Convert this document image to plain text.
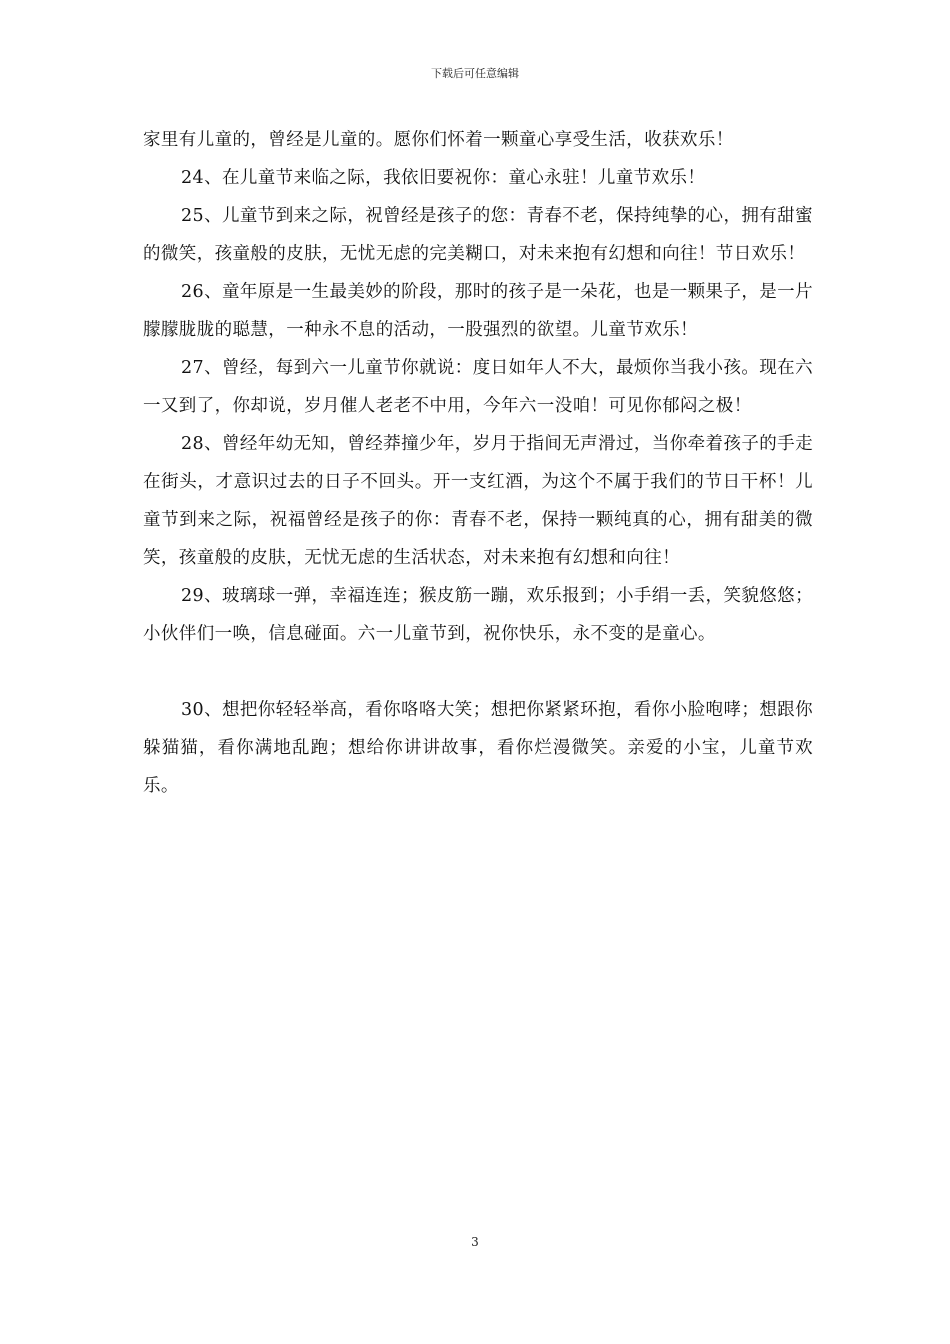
下载后可任意编辑

家里有儿童的，曾经是儿童的。愿你们怀着一颗童心享受生活，收获欢乐！

24、在儿童节来临之际，我依旧要祝你：童心永驻！儿童节欢乐！

25、儿童节到来之际，祝曾经是孩子的您：青春不老，保持纯挚的心，拥有甜蜜的微笑，孩童般的皮肤，无忧无虑的完美糊口，对未来抱有幻想和向往！节日欢乐！

26、童年原是一生最美妙的阶段，那时的孩子是一朵花，也是一颗果子，是一片朦朦胧胧的聪慧，一种永不息的活动，一股强烈的欲望。儿童节欢乐！

27、曾经，每到六一儿童节你就说：度日如年人不大，最烦你当我小孩。现在六一又到了，你却说，岁月催人老老不中用，今年六一没咱！可见你郁闷之极！

28、曾经年幼无知，曾经莽撞少年，岁月于指间无声滑过，当你牵着孩子的手走在街头，才意识过去的日子不回头。开一支红酒，为这个不属于我们的节日干杯！儿童节到来之际，祝福曾经是孩子的你：青春不老，保持一颗纯真的心，拥有甜美的微笑，孩童般的皮肤，无忧无虑的生活状态，对未来抱有幻想和向往！

29、玻璃球一弹，幸福连连；猴皮筋一蹦，欢乐报到；小手绢一丢，笑貌悠悠；小伙伴们一唤，信息碰面。六一儿童节到，祝你快乐，永不变的是童心。

30、想把你轻轻举高，看你咯咯大笑；想把你紧紧环抱，看你小脸咆哮；想跟你躲猫猫，看你满地乱跑；想给你讲讲故事，看你烂漫微笑。亲爱的小宝，儿童节欢乐。

3
